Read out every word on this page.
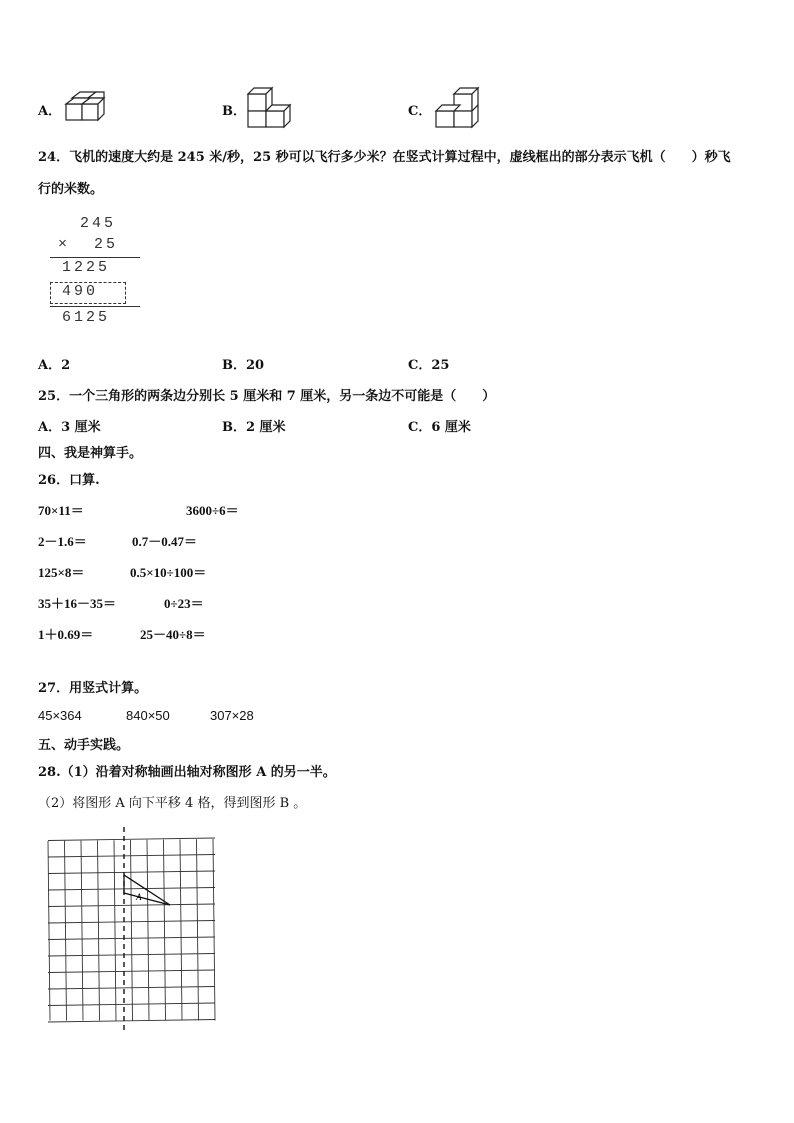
A．	B．	C．
24．飞机的速度大约是 245 米/秒，25 秒可以飞行多少米？在竖式计算过程中，虚线框出的部分表示飞机（　　）秒飞
行的米数。
245
× 25
1225
490
6125
A．2	B．20	C．25
25．一个三角形的两条边分别长 5 厘米和 7 厘米，另一条边不可能是（　　）
A．3 厘米	B．2 厘米	C．6 厘米
四、我是神算手。
26．口算.
70×11＝	3600÷6＝
2－1.6＝	0.7－0.47＝
125×8＝	0.5×10÷100＝
35＋16－35＝	0÷23＝
1＋0.69＝	25－40÷8＝
27．用竖式计算。
45×364	840×50	307×28
五、动手实践。
28.（1）沿着对称轴画出轴对称图形 A 的另一半。
（2）将图形 A 向下平移 4 格，得到图形 B 。
A
